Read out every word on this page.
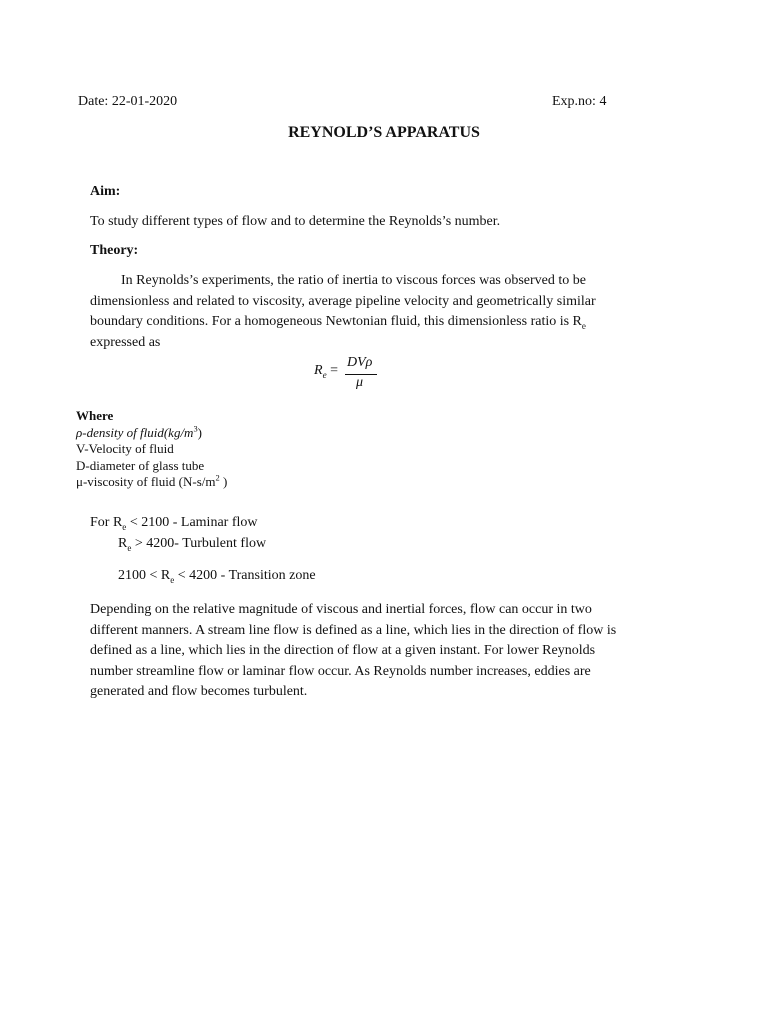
Date: 22-01-2020	Exp.no: 4
REYNOLD’S APPARATUS
Aim:
To study different types of flow and to determine the Reynolds’s number.
Theory:
In Reynolds’s experiments, the ratio of inertia to viscous forces was observed to be
dimensionless and related to viscosity, average pipeline velocity and geometrically similar
boundary conditions. For a homogeneous Newtonian fluid, this dimensionless ratio is $R_e$
expressed as
$R_e$ =
DVρ
μ
Where
ρ-density of $fluid(kg/m^3)$
V-Velocity of fluid
D-diameter of glass tube
μ-viscosity of fluid ($N-s/m^2$ )
For $R_e < 2100$ - Laminar flow
$R_e > 4200-$ Turbulent flow
$2100 < R_e < 4200$ - Transition zone
Depending on the relative magnitude of viscous and inertial forces, flow can occur in two
different manners. A stream line flow is defined as a line, which lies in the direction of flow is
defined as a line, which lies in the direction of flow at a given instant. For lower Reynolds
number streamline flow or laminar flow occur. As Reynolds number increases, eddies are
generated and flow becomes turbulent.
